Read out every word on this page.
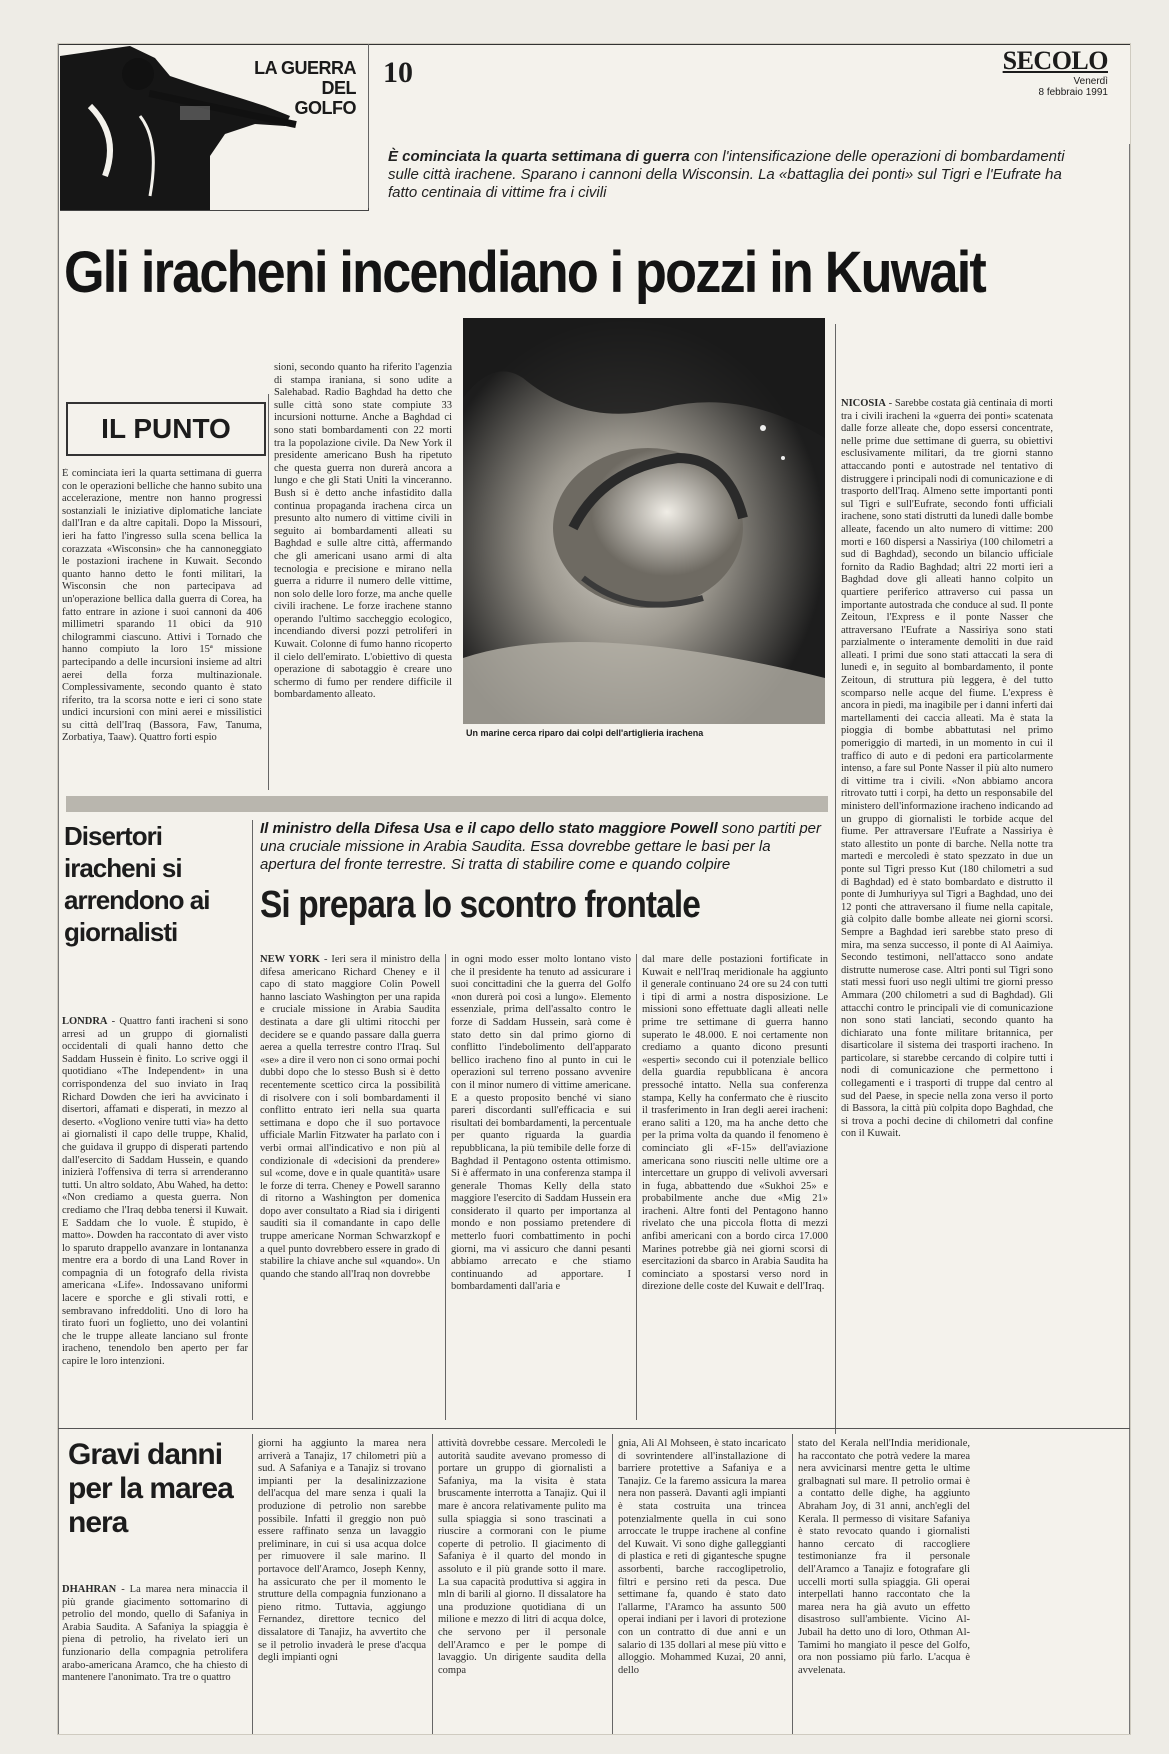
LA GUERRA
DEL
GOLFO
10	SECOLO
Venerdì
8 febbraio 1991
È cominciata la quarta settimana di guerra con l'intensificazione delle operazioni di bombardamenti sulle città irachene. Sparano i cannoni della Wisconsin. La «battaglia dei ponti» sul Tigri e l'Eufrate ha fatto centinaia di vittime fra i civili
Gli iracheni incendiano i pozzi in Kuwait
IL PUNTO

È cominciata ieri la quarta settimana di guerra con le operazioni belliche che hanno subito una accelerazione, mentre non hanno progressi sostanziali le iniziative diplomatiche lanciate dall'Iran e da altre capitali. Dopo la Missouri, ieri ha fatto l'ingresso sulla scena bellica la corazzata «Wisconsin» che ha cannoneggiato le postazioni irachene in Kuwait. Secondo quanto hanno detto le fonti militari, la Wisconsin che non partecipava ad un'operazione bellica dalla guerra di Corea, ha fatto entrare in azione i suoi cannoni da 406 millimetri sparando 11 obici da 910 chilogrammi ciascuno. Attivi i Tornado che hanno compiuto la loro 15ª missione partecipando a delle incursioni insieme ad altri aerei della forza multinazionale. Complessivamente, secondo quanto è stato riferito, tra la scorsa notte e ieri ci sono state undici incursioni con mini aerei e missilistici su città dell'Iraq (Bassora, Faw, Tanuma, Zorbatiya, Taaw). Quattro forti espio

sioni, secondo quanto ha riferito l'agenzia di stampa iraniana, si sono udite a Salehabad. Radio Baghdad ha detto che sulle città sono state compiute 33 incursioni notturne. Anche a Baghdad ci sono stati bombardamenti con 22 morti tra la popolazione civile. Da New York il presidente americano Bush ha ripetuto che questa guerra non durerà ancora a lungo e che gli Stati Uniti la vinceranno. Bush si è detto anche infastidito dalla continua propaganda irachena circa un presunto alto numero di vittime civili in seguito ai bombardamenti alleati su Baghdad e sulle altre città, affermando che gli americani usano armi di alta tecnologia e precisione e mirano nella guerra a ridurre il numero delle vittime, non solo delle loro forze, ma anche quelle civili irachene. Le forze irachene stanno operando l'ultimo saccheggio ecologico, incendiando diversi pozzi petroliferi in Kuwait. Colonne di fumo hanno ricoperto il cielo dell'emirato. L'obiettivo di questa operazione di sabotaggio è creare uno schermo di fumo per rendere difficile il bombardamento alleato.

Un marine cerca riparo dai colpi dell'artiglieria irachena

NICOSIA - Sarebbe costata già centinaia di morti tra i civili iracheni la «guerra dei ponti» scatenata dalle forze alleate che, dopo essersi concentrate, nelle prime due settimane di guerra, su obiettivi esclusivamente militari, da tre giorni stanno attaccando ponti e autostrade nel tentativo di distruggere i principali nodi di comunicazione e di trasporto dell'Iraq. Almeno sette importanti ponti sul Tigri e sull'Eufrate, secondo fonti ufficiali irachene, sono stati distrutti da lunedì dalle bombe alleate, facendo un alto numero di vittime: 200 morti e 160 dispersi a Nassiriya (100 chilometri a sud di Baghdad), secondo un bilancio ufficiale fornito da Radio Baghdad; altri 22 morti ieri a Baghdad dove gli alleati hanno colpito un quartiere periferico attraverso cui passa un importante autostrada che conduce al sud. Il ponte Zeitoun, l'Express e il ponte Nasser che attraversano l'Eufrate a Nassiriya sono stati parzialmente o interamente demoliti in due raid alleati. I primi due sono stati attaccati la sera di lunedì e, in seguito al bombardamento, il ponte Zeitoun, di struttura più leggera, è del tutto scomparso nelle acque del fiume. L'express è ancora in piedi, ma inagibile per i danni inferti dai martellamenti dei caccia alleati. Ma è stata la pioggia di bombe abbattutasi nel primo pomeriggio di martedì, in un momento in cui il traffico di auto e di pedoni era particolarmente intenso, a fare sul Ponte Nasser il più alto numero di vittime tra i civili. «Non abbiamo ancora ritrovato tutti i corpi, ha detto un responsabile del ministero dell'informazione iracheno indicando ad un gruppo di giornalisti le torbide acque del fiume. Per attraversare l'Eufrate a Nassiriya è stato allestito un ponte di barche. Nella notte tra martedì e mercoledì è stato spezzato in due un ponte sul Tigri presso Kut (180 chilometri a sud di Baghdad) ed è stato bombardato e distrutto il ponte di Jumhuriyya sul Tigri a Baghdad, uno dei 12 ponti che attraversano il fiume nella capitale, già colpito dalle bombe alleate nei giorni scorsi. Sempre a Baghdad ieri sarebbe stato preso di mira, ma senza successo, il ponte di Al Aaimiya. Secondo testimoni, nell'attacco sono andate distrutte numerose case. Altri ponti sul Tigri sono stati messi fuori uso negli ultimi tre giorni presso Ammara (200 chilometri a sud di Baghdad). Gli attacchi contro le principali vie di comunicazione non sono stati lanciati, secondo quanto ha dichiarato una fonte militare britannica, per disarticolare il sistema dei trasporti iracheno. In particolare, si starebbe cercando di colpire tutti i nodi di comunicazione che permettono i collegamenti e i trasporti di truppe dal centro al sud del Paese, in specie nella zona verso il porto di Bassora, la città più colpita dopo Baghdad, che si trova a pochi decine di chilometri dal confine con il Kuwait.

Disertori iracheni si arrendono ai giornalisti

LONDRA - Quattro fanti iracheni si sono arresi ad un gruppo di giornalisti occidentali di quali hanno detto che Saddam Hussein è finito. Lo scrive oggi il quotidiano «The Independent» in una corrispondenza del suo inviato in Iraq Richard Dowden che ieri ha avvicinato i disertori, affamati e disperati, in mezzo al deserto. «Vogliono venire tutti via» ha detto ai giornalisti il capo delle truppe, Khalid, che guidava il gruppo di disperati partendo dall'esercito di Saddam Hussein, e quando inizierà l'offensiva di terra si arrenderanno tutti. Un altro soldato, Abu Wahed, ha detto: «Non crediamo a questa guerra. Non crediamo che l'Iraq debba tenersi il Kuwait. E Saddam che lo vuole. È stupido, è matto». Dowden ha raccontato di aver visto lo sparuto drappello avanzare in lontananza mentre era a bordo di una Land Rover in compagnia di un fotografo della rivista americana «Life». Indossavano uniformi lacere e sporche e gli stivali rotti, e sembravano infreddoliti. Uno di loro ha tirato fuori un foglietto, uno dei volantini che le truppe alleate lanciano sul fronte iracheno, tenendolo ben aperto per far capire le loro intenzioni.

Il ministro della Difesa Usa e il capo dello stato maggiore Powell sono partiti per una cruciale missione in Arabia Saudita. Essa dovrebbe gettare le basi per la apertura del fronte terrestre. Si tratta di stabilire come e quando colpire
Si prepara lo scontro frontale

NEW YORK - Ieri sera il ministro della difesa americano Richard Cheney e il capo di stato maggiore Colin Powell hanno lasciato Washington per una rapida e cruciale missione in Arabia Saudita destinata a dare gli ultimi ritocchi per decidere se e quando passare dalla guerra aerea a quella terrestre contro l'Iraq. Sul «se» a dire il vero non ci sono ormai pochi dubbi dopo che lo stesso Bush si è detto recentemente scettico circa la possibilità di risolvere con i soli bombardamenti il conflitto entrato ieri nella sua quarta settimana e dopo che il suo portavoce ufficiale Marlin Fitzwater ha parlato con i verbi ormai all'indicativo e non più al condizionale di «decisioni da prendere» sul «come, dove e in quale quantità» usare le forze di terra. Cheney e Powell saranno di ritorno a Washington per domenica dopo aver consultato a Riad sia i dirigenti sauditi sia il comandante in capo delle truppe americane Norman Schwarzkopf e a quel punto dovrebbero essere in grado di stabilire la chiave anche sul «quando». Un quando che stando all'Iraq non dovrebbe

in ogni modo esser molto lontano visto che il presidente ha tenuto ad assicurare i suoi concittadini che la guerra del Golfo «non durerà poi così a lungo». Elemento essenziale, prima dell'assalto contro le forze di Saddam Hussein, sarà come è stato detto sin dal primo giorno di conflitto l'indebolimento dell'apparato bellico iracheno fino al punto in cui le operazioni sul terreno possano avvenire con il minor numero di vittime americane. E a questo proposito benché vi siano pareri discordanti sull'efficacia e sui risultati dei bombardamenti, la percentuale per quanto riguarda la guardia repubblicana, la più temibile delle forze di Baghdad il Pentagono ostenta ottimismo. Si è affermato in una conferenza stampa il generale Thomas Kelly della stato maggiore l'esercito di Saddam Hussein era considerato il quarto per importanza al mondo e non possiamo pretendere di metterlo fuori combattimento in pochi giorni, ma vi assicuro che danni pesanti abbiamo arrecato e che stiamo continuando ad apportare. I bombardamenti dall'aria e

dal mare delle postazioni fortificate in Kuwait e nell'Iraq meridionale ha aggiunto il generale continuano 24 ore su 24 con tutti i tipi di armi a nostra disposizione. Le missioni sono effettuate dagli alleati nelle prime tre settimane di guerra hanno superato le 48.000. E noi certamente non crediamo a quanto dicono presunti «esperti» secondo cui il potenziale bellico della guardia repubblicana è ancora pressoché intatto. Nella sua conferenza stampa, Kelly ha confermato che è riuscito il trasferimento in Iran degli aerei iracheni: erano saliti a 120, ma ha anche detto che per la prima volta da quando il fenomeno è cominciato gli «F-15» dell'aviazione americana sono riusciti nelle ultime ore a intercettare un gruppo di velivoli avversari in fuga, abbattendo due «Sukhoi 25» e probabilmente anche due «Mig 21» iracheni. Altre fonti del Pentagono hanno rivelato che una piccola flotta di mezzi anfibi americani con a bordo circa 17.000 Marines potrebbe già nei giorni scorsi di esercitazioni da sbarco in Arabia Saudita ha cominciato a spostarsi verso nord in direzione delle coste del Kuwait e dell'Iraq.

Gravi danni per la marea nera

DHAHRAN - La marea nera minaccia il più grande giacimento sottomarino di petrolio del mondo, quello di Safaniya in Arabia Saudita. A Safaniya la spiaggia è piena di petrolio, ha rivelato ieri un funzionario della compagnia petrolifera arabo-americana Aramco, che ha chiesto di mantenere l'anonimato. Tra tre o quattro

giorni ha aggiunto la marea nera arriverà a Tanajiz, 17 chilometri più a sud. A Safaniya e a Tanajiz si trovano impianti per la desalinizzazione dell'acqua del mare senza i quali la produzione di petrolio non sarebbe possibile. Infatti il greggio non può essere raffinato senza un lavaggio preliminare, in cui si usa acqua dolce per rimuovere il sale marino. Il portavoce dell'Aramco, Joseph Kenny, ha assicurato che per il momento le strutture della compagnia funzionano a pieno ritmo. Tuttavia, aggiungo Fernandez, direttore tecnico del dissalatore di Tanajiz, ha avvertito che se il petrolio invaderà le prese d'acqua degli impianti ogni

attività dovrebbe cessare. Mercoledì le autorità saudite avevano promesso di portare un gruppo di giornalisti a Safaniya, ma la visita è stata bruscamente interrotta a Tanajiz. Qui il mare è ancora relativamente pulito ma sulla spiaggia si sono trascinati a riuscire a cormorani con le piume coperte di petrolio. Il giacimento di Safaniya è il quarto del mondo in assoluto e il più grande sotto il mare. La sua capacità produttiva si aggira in mln di barili al giorno. Il dissalatore ha una produzione quotidiana di un milione e mezzo di litri di acqua dolce, che servono per il personale dell'Aramco e per le pompe di lavaggio. Un dirigente saudita della compa

gnia, Ali Al Mohseen, è stato incaricato di sovrintendere all'installazione di barriere protettive a Safaniya e a Tanajiz. Ce la faremo assicura la marea nera non passerà. Davanti agli impianti è stata costruita una trincea potenzialmente quella in cui sono arroccate le truppe irachene al confine del Kuwait. Vi sono dighe galleggianti di plastica e reti di gigantesche spugne assorbenti, barche raccoglipetrolio, filtri e persino reti da pesca. Due settimane fa, quando è stato dato l'allarme, l'Aramco ha assunto 500 operai indiani per i lavori di protezione con un contratto di due anni e un salario di 135 dollari al mese più vitto e alloggio. Mohammed Kuzai, 20 anni, dello

stato del Kerala nell'India meridionale, ha raccontato che potrà vedere la marea nera avvicinarsi mentre getta le ultime gralbagnati sul mare. Il petrolio ormai è a contatto delle dighe, ha aggiunto Abraham Joy, di 31 anni, anch'egli del Kerala. Il permesso di visitare Safaniya è stato revocato quando i giornalisti hanno cercato di raccogliere testimonianze fra il personale dell'Aramco a Tanajiz e fotografare gli uccelli morti sulla spiaggia. Gli operai interpellati hanno raccontato che la marea nera ha già avuto un effetto disastroso sull'ambiente. Vicino Al-Jubail ha detto uno di loro, Othman Al-Tamimi ho mangiato il pesce del Golfo, ora non possiamo più farlo. L'acqua è avvelenata.
